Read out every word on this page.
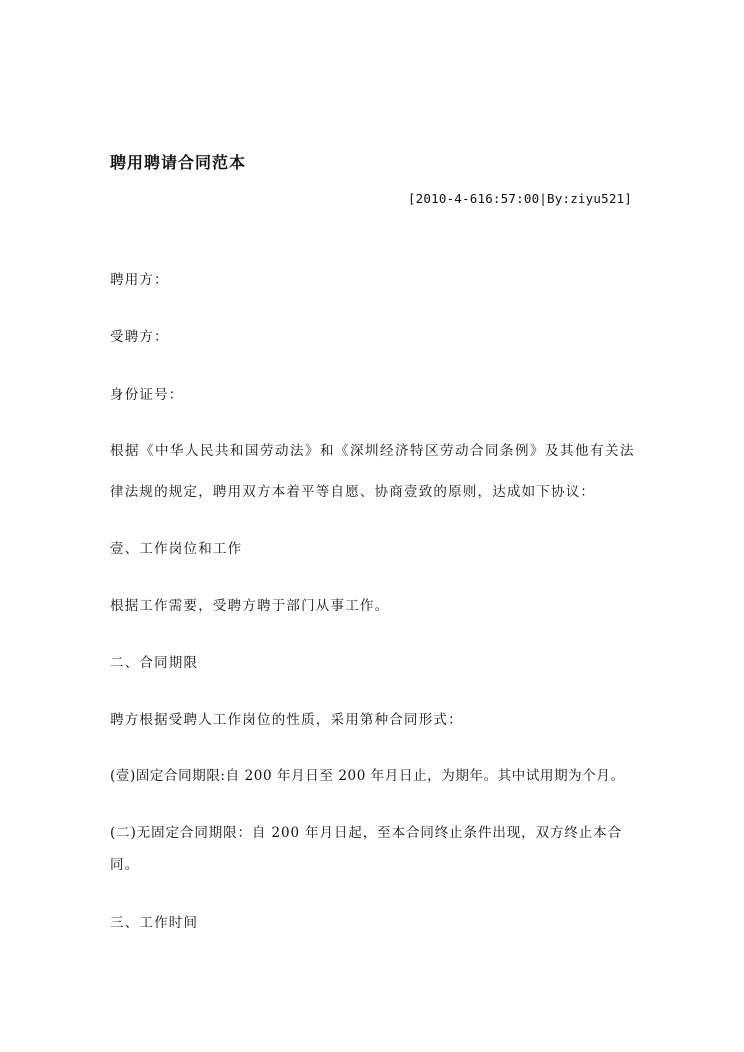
聘用聘请合同范本
[2010-4-616:57:00|By:ziyu521]
聘用方：
受聘方：
身份证号：
根据《中华人民共和国劳动法》和《深圳经济特区劳动合同条例》及其他有关法
律法规的规定，聘用双方本着平等自愿、协商壹致的原则，达成如下协议：
壹、工作岗位和工作
根据工作需要，受聘方聘于部门从事工作。
二、合同期限
聘方根据受聘人工作岗位的性质，采用第种合同形式：
(壹)固定合同期限:自 200 年月日至 200 年月日止，为期年。其中试用期为个月。
(二)无固定合同期限：自 200 年月日起，至本合同终止条件出现，双方终止本合
同。
三、工作时间
